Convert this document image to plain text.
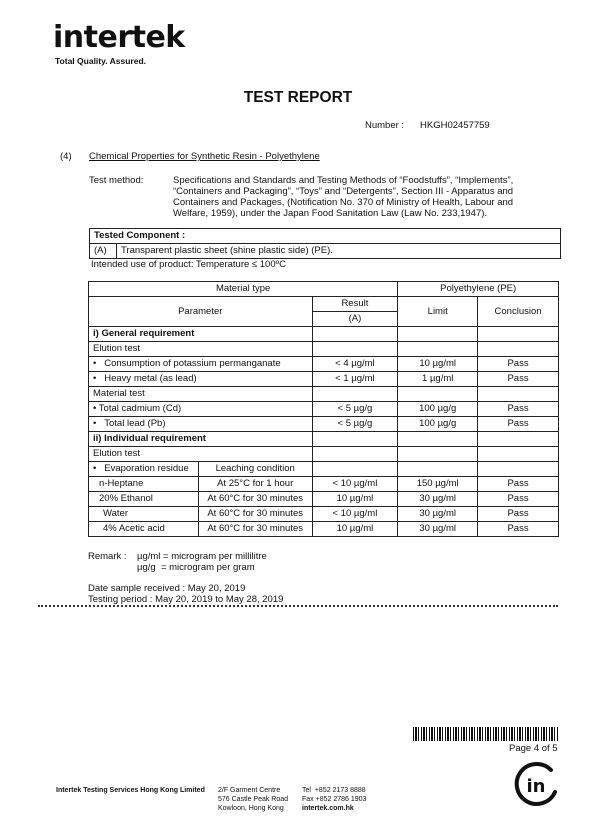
intertek
Total Quality. Assured.
TEST REPORT
Number : HKGH02457759
(4) Chemical Properties for Synthetic Resin - Polyethylene
Test method:	Specifications and Standards and Testing Methods of “Foodstuffs”, “Implements”,
“Containers and Packaging”, “Toys” and “Detergents”, Section III - Apparatus and
Containers and Packages, (Notification No. 370 of Ministry of Health, Labour and
Welfare, 1959), under the Japan Food Sanitation Law (Law No. 233,1947).
Tested Component :
(A)	Transparent plastic sheet (shine plastic side) (PE).
Intended use of product: Temperature ≤ 100ºC
Material type			Polyethylene (PE)	
Parameter		Result	Limit	Conclusion
		(A)		
i) General requirement				
Elution test				
• Consumption of potassium permanganate		< 4 µg/ml	10 µg/ml	Pass
• Heavy metal (as lead)		< 1 µg/ml	1 µg/ml	Pass
Material test				
• Total cadmium (Cd)		< 5 µg/g	100 µg/g	Pass
• Total lead (Pb)		< 5 µg/g	100 µg/g	Pass
ii) Individual requirement				
Elution test				
• Evaporation residue	Leaching condition			
n-Heptane	At 25°C for 1 hour	< 10 µg/ml	150 µg/ml	Pass
20% Ethanol	At 60°C for 30 minutes	10 µg/ml	30 µg/ml	Pass
Water	At 60°C for 30 minutes	< 10 µg/ml	30 µg/ml	Pass
4% Acetic acid	At 60°C for 30 minutes	10 µg/ml	30 µg/ml	Pass
Remark : µg/ml = microgram per millilitre
µg/g  = microgram per gram
Date sample received : May 20, 2019
Testing period : May 20, 2019 to May 28, 2019
Page 4 of 5
Intertek Testing Services Hong Kong Limited 2/F Garment Centre
576 Castle Peak Road
Kowloon, Hong Kong
Tel  +852 2173 8888
Fax +852 2786 1903
intertek.com.hk
in
